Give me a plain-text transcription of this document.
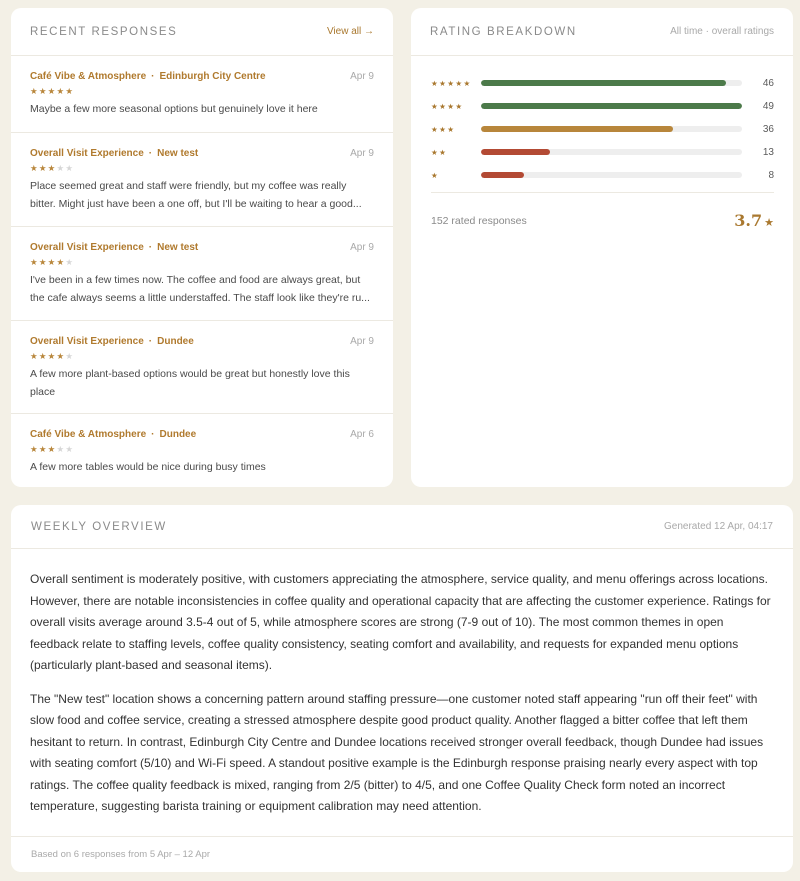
RECENT RESPONSES	View all →
Café Vibe & Atmosphere · Edinburgh City Centre	Apr 9
★★★★★
Maybe a few more seasonal options but genuinely love it here
Overall Visit Experience · New test	Apr 9
★★★★★
Place seemed great and staff were friendly, but my coffee was really bitter. Might just have been a one off, but I'll be waiting to hear a good...
Overall Visit Experience · New test	Apr 9
★★★★★
I've been in a few times now. The coffee and food are always great, but the cafe always seems a little understaffed. The staff look like they're ru...
Overall Visit Experience · Dundee	Apr 9
★★★★★
A few more plant-based options would be great but honestly love this place
Café Vibe & Atmosphere · Dundee	Apr 6
★★★★★
A few more tables would be nice during busy times
RATING BREAKDOWN	All time · overall ratings
★★★★★	46
★★★★	49
★★★	36
★★	13
★	8
152 rated responses	3.7 ★
WEEKLY OVERVIEW	Generated 12 Apr, 04:17

Overall sentiment is moderately positive, with customers appreciating the atmosphere, service quality, and menu offerings across locations. However, there are notable inconsistencies in coffee quality and operational capacity that are affecting the customer experience. Ratings for overall visits average around 3.5-4 out of 5, while atmosphere scores are strong (7-9 out of 10). The most common themes in open feedback relate to staffing levels, coffee quality consistency, seating comfort and availability, and requests for expanded menu options (particularly plant-based and seasonal items).

The "New test" location shows a concerning pattern around staffing pressure—one customer noted staff appearing "run off their feet" with slow food and coffee service, creating a stressed atmosphere despite good product quality. Another flagged a bitter coffee that left them hesitant to return. In contrast, Edinburgh City Centre and Dundee locations received stronger overall feedback, though Dundee had issues with seating comfort (5/10) and Wi-Fi speed. A standout positive example is the Edinburgh response praising nearly every aspect with top ratings. The coffee quality feedback is mixed, ranging from 2/5 (bitter) to 4/5, and one Coffee Quality Check form noted an incorrect temperature, suggesting barista training or equipment calibration may need attention.

Based on 6 responses from 5 Apr – 12 Apr
